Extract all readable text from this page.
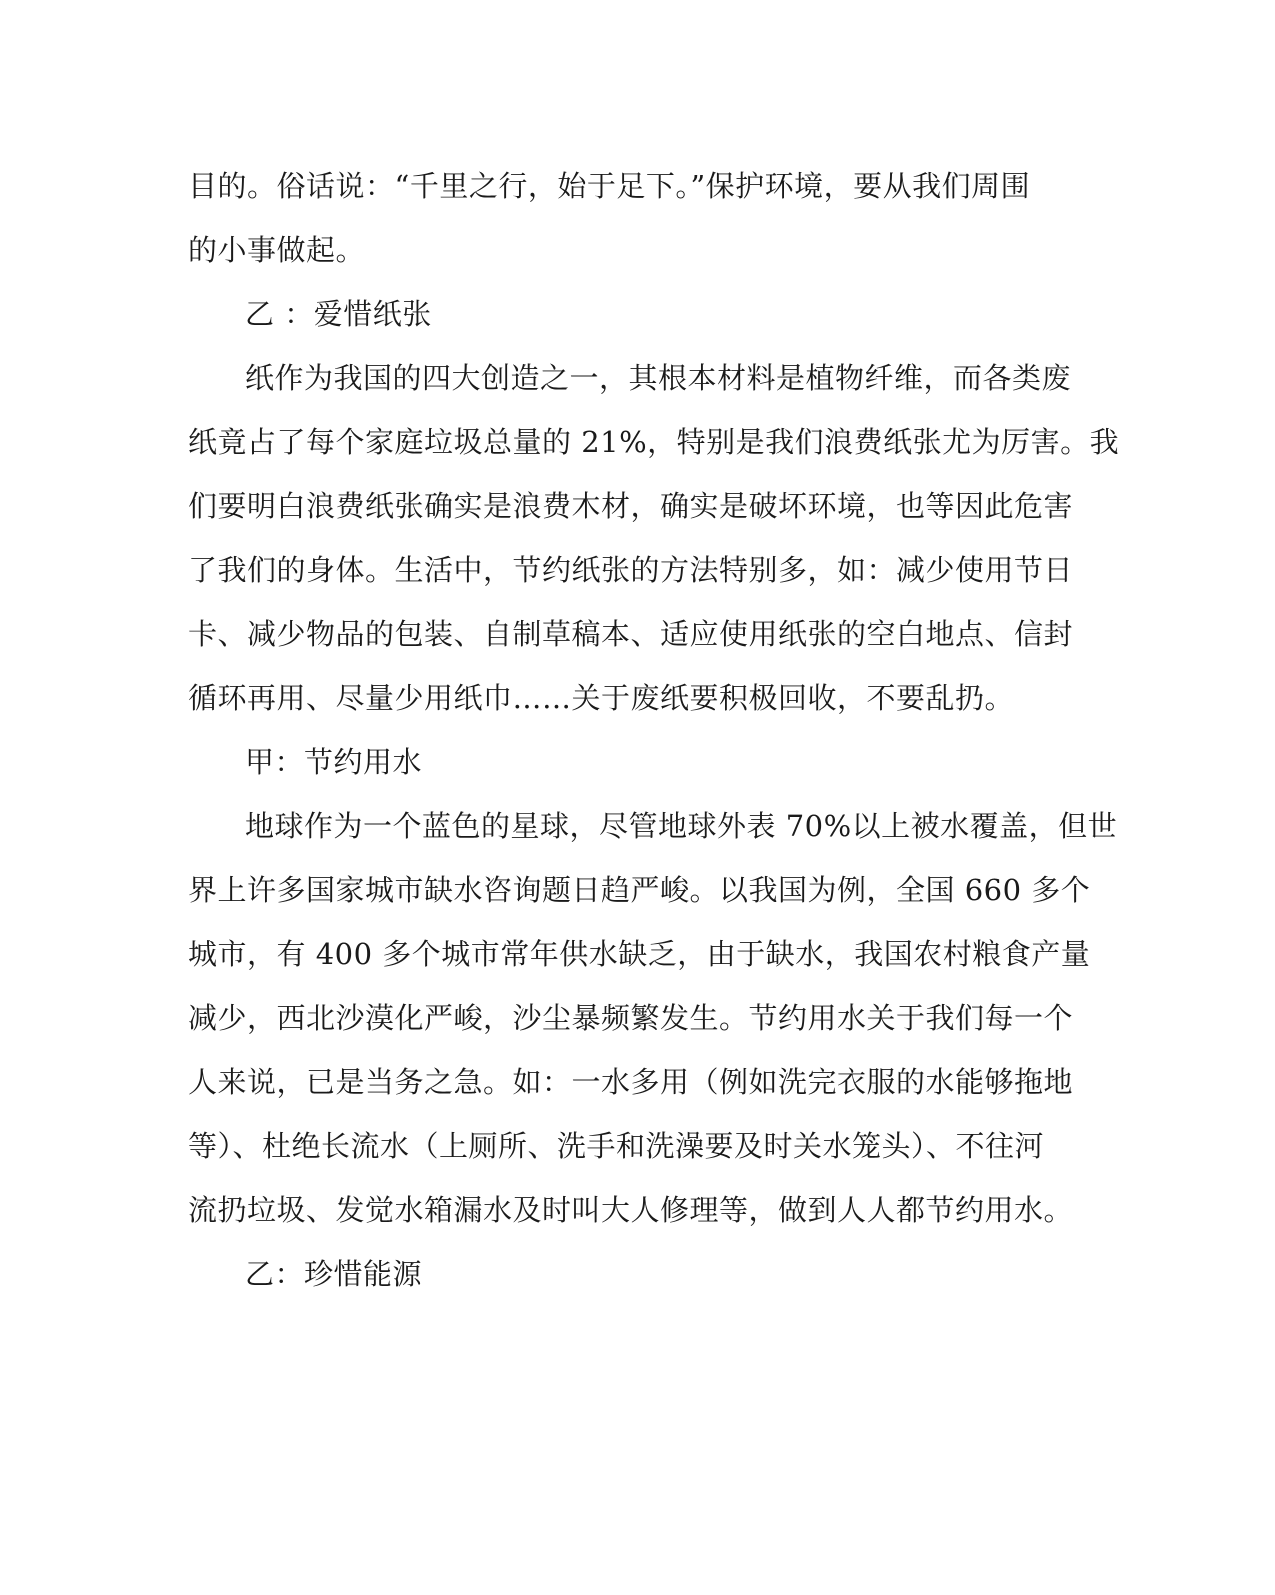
目的。俗话说：“千里之行，始于足下。”保护环境，要从我们周围
的小事做起。
乙 ：爱惜纸张
纸作为我国的四大创造之一，其根本材料是植物纤维，而各类废
纸竟占了每个家庭垃圾总量的 21%，特别是我们浪费纸张尤为厉害。我
们要明白浪费纸张确实是浪费木材，确实是破坏环境，也等因此危害
了我们的身体。生活中，节约纸张的方法特别多，如：减少使用节日
卡、减少物品的包装、自制草稿本、适应使用纸张的空白地点、信封
循环再用、尽量少用纸巾……关于废纸要积极回收，不要乱扔。
甲：节约用水
地球作为一个蓝色的星球，尽管地球外表 70%以上被水覆盖，但世
界上许多国家城市缺水咨询题日趋严峻。以我国为例，全国 660 多个
城市，有 400 多个城市常年供水缺乏，由于缺水，我国农村粮食产量
减少，西北沙漠化严峻，沙尘暴频繁发生。节约用水关于我们每一个
人来说，已是当务之急。如：一水多用（例如洗完衣服的水能够拖地
等）、杜绝长流水（上厕所、洗手和洗澡要及时关水笼头）、不往河
流扔垃圾、发觉水箱漏水及时叫大人修理等，做到人人都节约用水。
乙：珍惜能源
